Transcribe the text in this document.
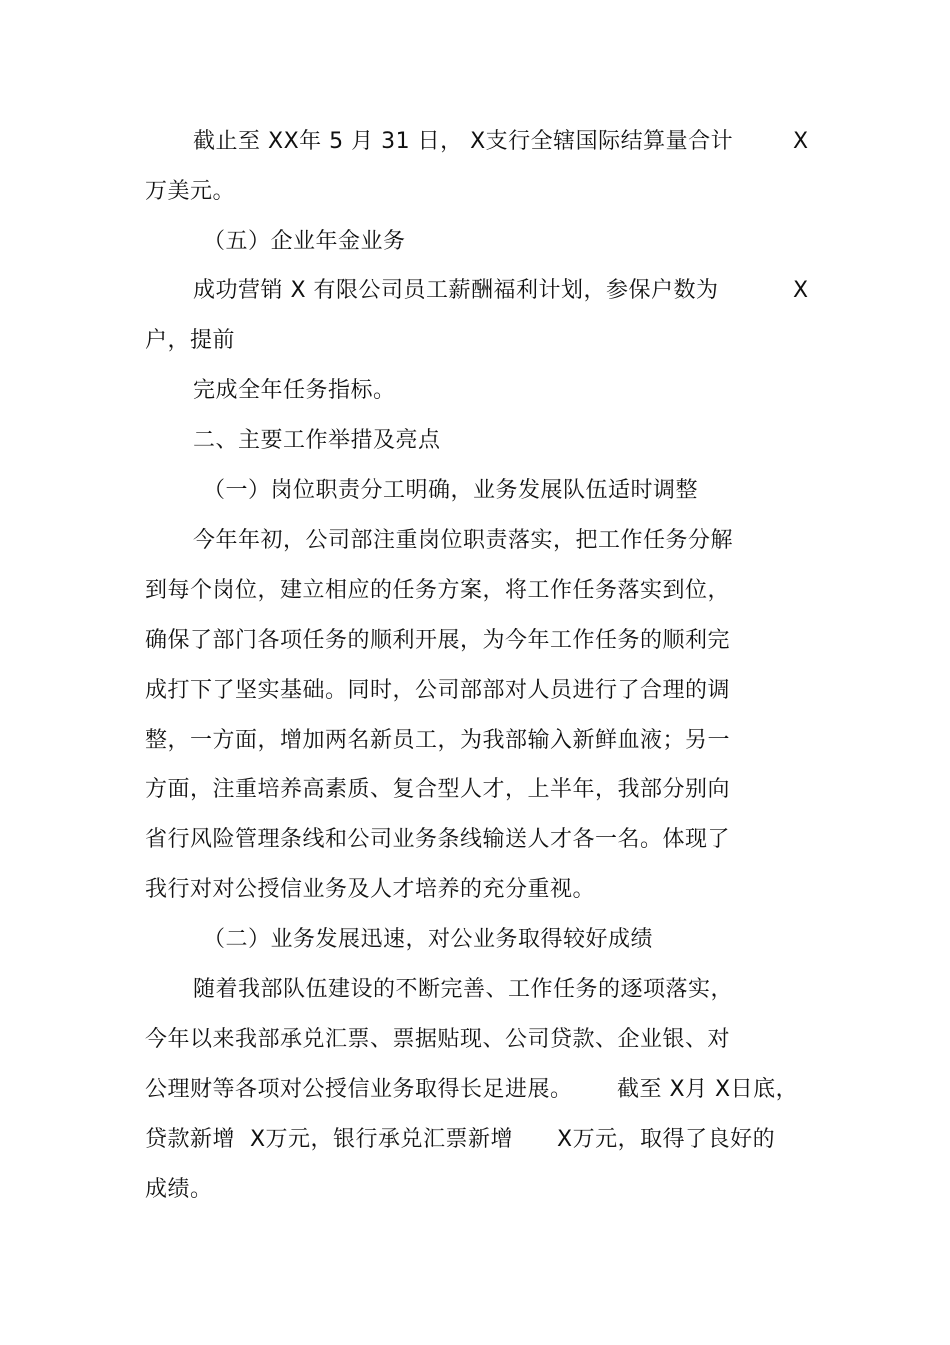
截止至 XX年 5 月 31 日， X支行全辖国际结算量合计	X
万美元。
（五）企业年金业务
成功营销 X 有限公司员工薪酬福利计划，参保户数为	X
户，提前
完成全年任务指标。
二、主要工作举措及亮点
（一）岗位职责分工明确，业务发展队伍适时调整
今年年初，公司部注重岗位职责落实，把工作任务分解
到每个岗位，建立相应的任务方案，将工作任务落实到位，
确保了部门各项任务的顺利开展，为今年工作任务的顺利完
成打下了坚实基础。同时，公司部部对人员进行了合理的调
整，一方面，增加两名新员工，为我部输入新鲜血液；另一
方面，注重培养高素质、复合型人才，上半年，我部分别向
省行风险管理条线和公司业务条线输送人才各一名。体现了
我行对对公授信业务及人才培养的充分重视。
（二）业务发展迅速，对公业务取得较好成绩
随着我部队伍建设的不断完善、工作任务的逐项落实，
今年以来我部承兑汇票、票据贴现、公司贷款、企业银、对
公理财等各项对公授信业务取得长足进展。 截至 X月 X日底，
贷款新增  X万元，银行承兑汇票新增 X万元，取得了良好的
成绩。
